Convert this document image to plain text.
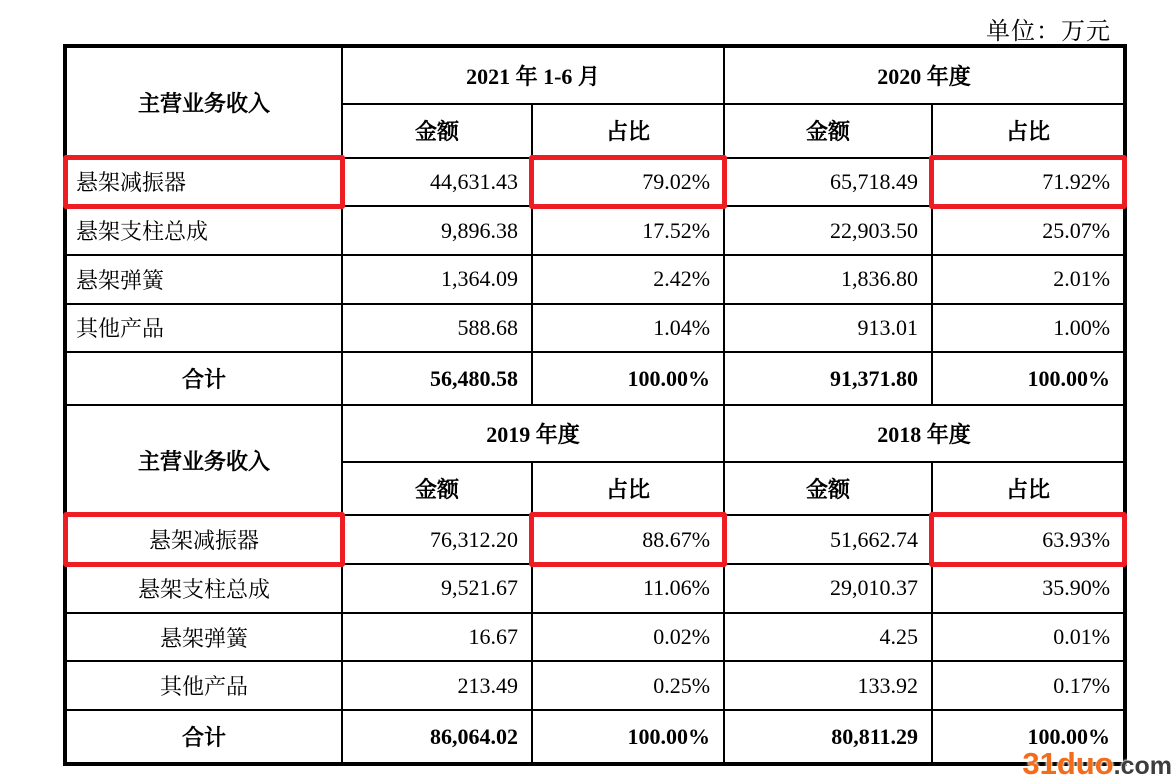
单位：万元
主营业务收入	2021 年 1-6 月		2020 年度	
	金额	占比	金额	占比
悬架减振器	44,631.43	79.02%	65,718.49	71.92%

悬架支柱总成	9,896.38	17.52%	22,903.50	25.07%
悬架弹簧	1,364.09	2.42%	1,836.80	2.01%
其他产品	588.68	1.04%	913.01	1.00%
合计	56,480.58	100.00%	91,371.80	100.00%
主营业务收入	2019 年度		2018 年度	
	金额	占比	金额	占比
悬架减振器	76,312.20	88.67%	51,662.74	63.93%

悬架支柱总成	9,521.67	11.06%	29,010.37	35.90%
悬架弹簧	16.67	0.02%	4.25	0.01%
其他产品	213.49	0.25%	133.92	0.17%
合计	86,064.02	100.00%	80,811.29	100.00%
31duo.com
